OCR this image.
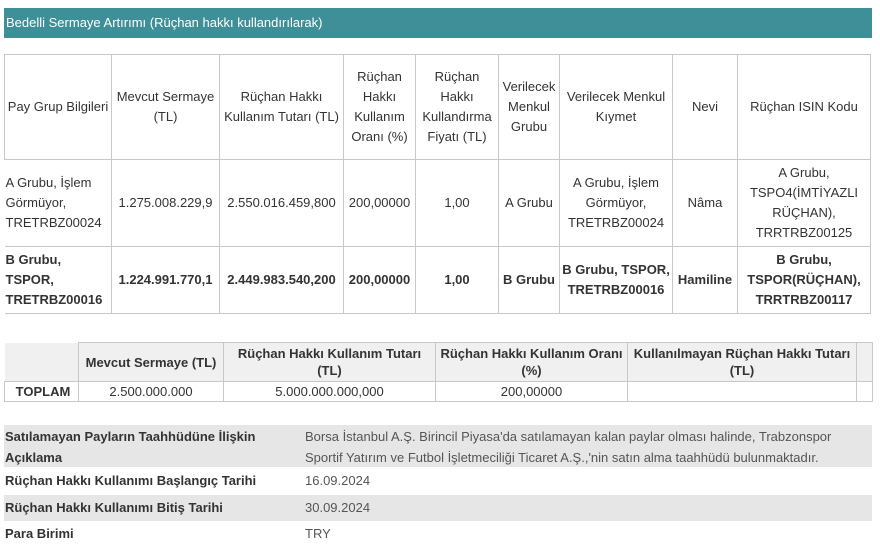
Bedelli Sermaye Artırımı (Rüçhan hakkı kullandırılarak)
Pay Grup Bilgileri	Mevcut Sermaye (TL)	Rüçhan Hakkı Kullanım Tutarı (TL)	Rüçhan Hakkı Kullanım Oranı (%)	Rüçhan Hakkı Kullandırma Fiyatı (TL)	Verilecek Menkul Grubu	Verilecek Menkul Kıymet	Nevi	Rüçhan ISIN Kodu
A Grubu, İşlem Görmüyor, TRETRBZ00024	1.275.008.229,9	2.550.016.459,800	200,00000	1,00	A Grubu	A Grubu, İşlem Görmüyor, TRETRBZ00024	Nâma	A Grubu, TSPO4(İMTİYAZLI RÜÇHAN), TRRTRBZ00125
B Grubu, TSPOR, TRETRBZ00016	1.224.991.770,1	2.449.983.540,200	200,00000	1,00	B Grubu	B Grubu, TSPOR, TRETRBZ00016	Hamiline	B Grubu, TSPOR(RÜÇHAN), TRRTRBZ00117
	Mevcut Sermaye (TL)	Rüçhan Hakkı Kullanım Tutarı (TL)	Rüçhan Hakkı Kullanım Oranı (%)	Kullanılmayan Rüçhan Hakkı Tutarı (TL)	
TOPLAM	2.500.000.000	5.000.000.000,000	200,00000		
Satılamayan Payların Taahhüdüne İlişkin Açıklama
Borsa İstanbul A.Ş. Birincil Piyasa'da satılamayan kalan paylar olması halinde, Trabzonspor Sportif Yatırım ve Futbol İşletmeciliği Ticaret A.Ş.,'nin satın alma taahhüdü bulunmaktadır.
Rüçhan Hakkı Kullanımı Başlangıç Tarihi	16.09.2024
Rüçhan Hakkı Kullanımı Bitiş Tarihi	30.09.2024
Para Birimi	TRY
